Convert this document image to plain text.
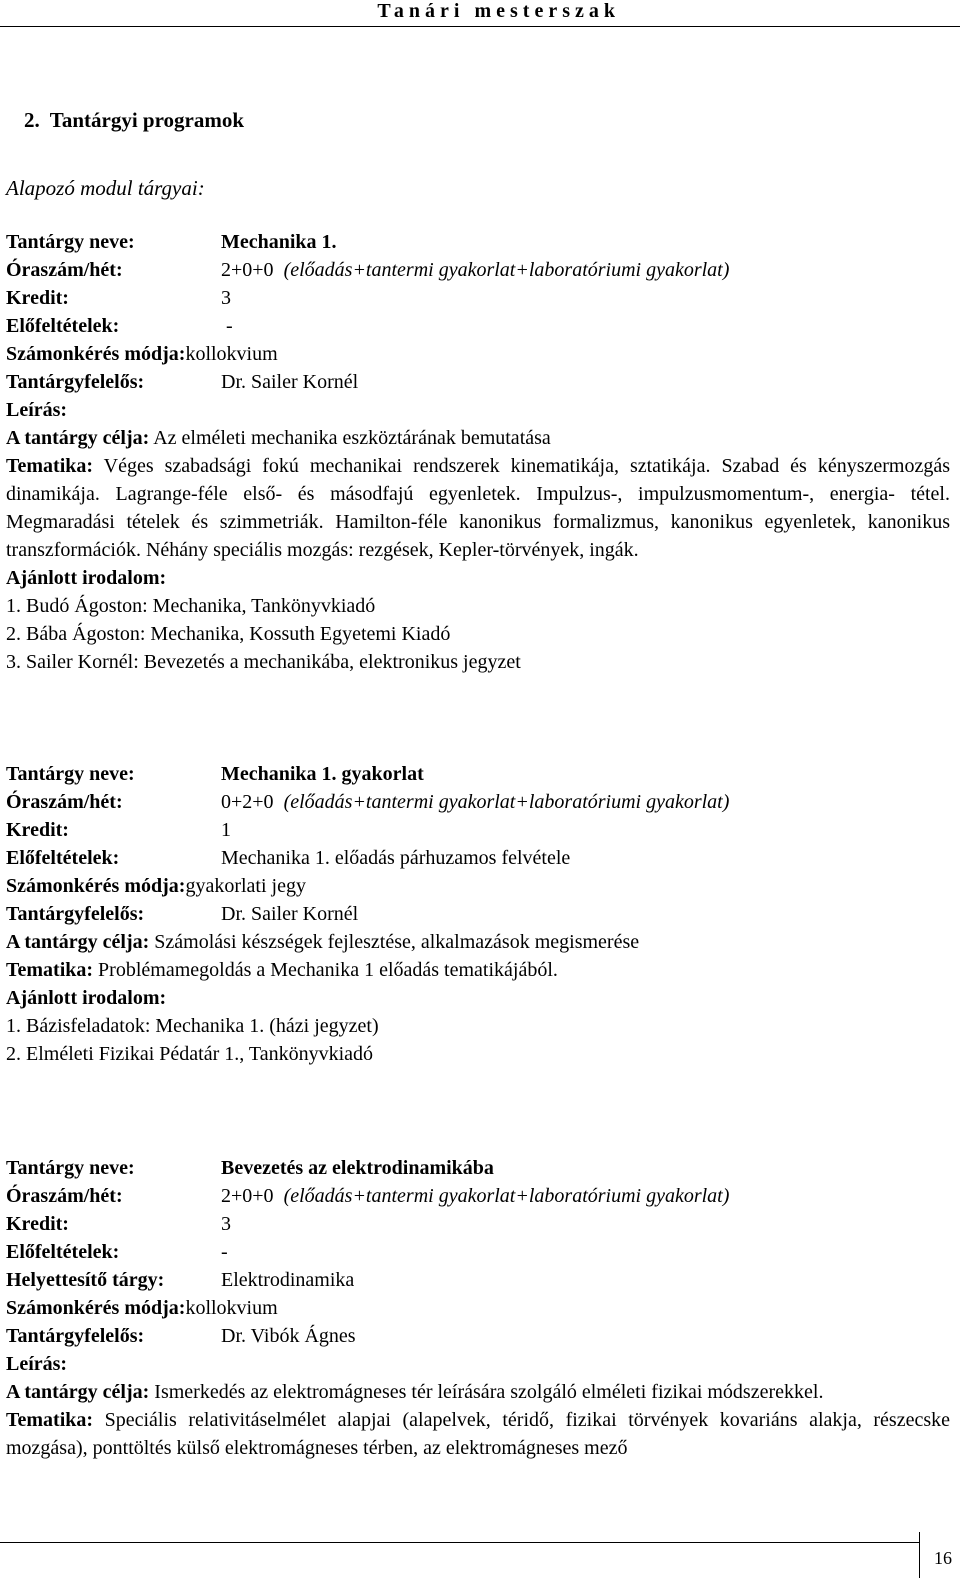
Tanári mesterszak
2. Tantárgyi programok
Alapozó modul tárgyai:
Tantárgy neve:	Mechanika 1.
Óraszám/hét:	2+0+0 (előadás+tantermi gyakorlat+laboratóriumi gyakorlat)
Kredit:	3
Előfeltételek:	-
Számonkérés módja:kollokvium
Tantárgyfelelős:	Dr. Sailer Kornél
Leírás:
A tantárgy célja: Az elméleti mechanika eszköztárának bemutatása
Tematika: Véges szabadsági fokú mechanikai rendszerek kinematikája, sztatikája. Szabad és kényszermozgás dinamikája. Lagrange-féle első- és másodfajú egyenletek. Impulzus-, impulzusmomentum-, energia- tétel. Megmaradási tételek és szimmetriák. Hamilton-féle kanonikus formalizmus, kanonikus egyenletek, kanonikus transzformációk. Néhány speciális mozgás: rezgések, Kepler-törvények, ingák.
Ajánlott irodalom:
1. Budó Ágoston: Mechanika, Tankönyvkiadó
2. Bába Ágoston: Mechanika, Kossuth Egyetemi Kiadó
3. Sailer Kornél: Bevezetés a mechanikába, elektronikus jegyzet
Tantárgy neve:	Mechanika 1. gyakorlat
Óraszám/hét:	0+2+0 (előadás+tantermi gyakorlat+laboratóriumi gyakorlat)
Kredit:	1
Előfeltételek:	Mechanika 1. előadás párhuzamos felvétele
Számonkérés módja:gyakorlati jegy
Tantárgyfelelős:	Dr. Sailer Kornél
A tantárgy célja: Számolási készségek fejlesztése, alkalmazások megismerése
Tematika: Problémamegoldás a Mechanika 1 előadás tematikájából.
Ajánlott irodalom:
1. Bázisfeladatok: Mechanika 1. (házi jegyzet)
2. Elméleti Fizikai Pédatár 1., Tankönyvkiadó
Tantárgy neve:	Bevezetés az elektrodinamikába
Óraszám/hét:	2+0+0 (előadás+tantermi gyakorlat+laboratóriumi gyakorlat)
Kredit:	3
Előfeltételek:	-
Helyettesítő tárgy:	Elektrodinamika
Számonkérés módja:kollokvium
Tantárgyfelelős:	Dr. Vibók Ágnes
Leírás:
A tantárgy célja: Ismerkedés az elektromágneses tér leírására szolgáló elméleti fizikai módszerekkel.
Tematika: Speciális relativitáselmélet alapjai (alapelvek, téridő, fizikai törvények kovariáns alakja, részecske mozgása), ponttöltés külső elektromágneses térben, az elektromágneses mező
16
